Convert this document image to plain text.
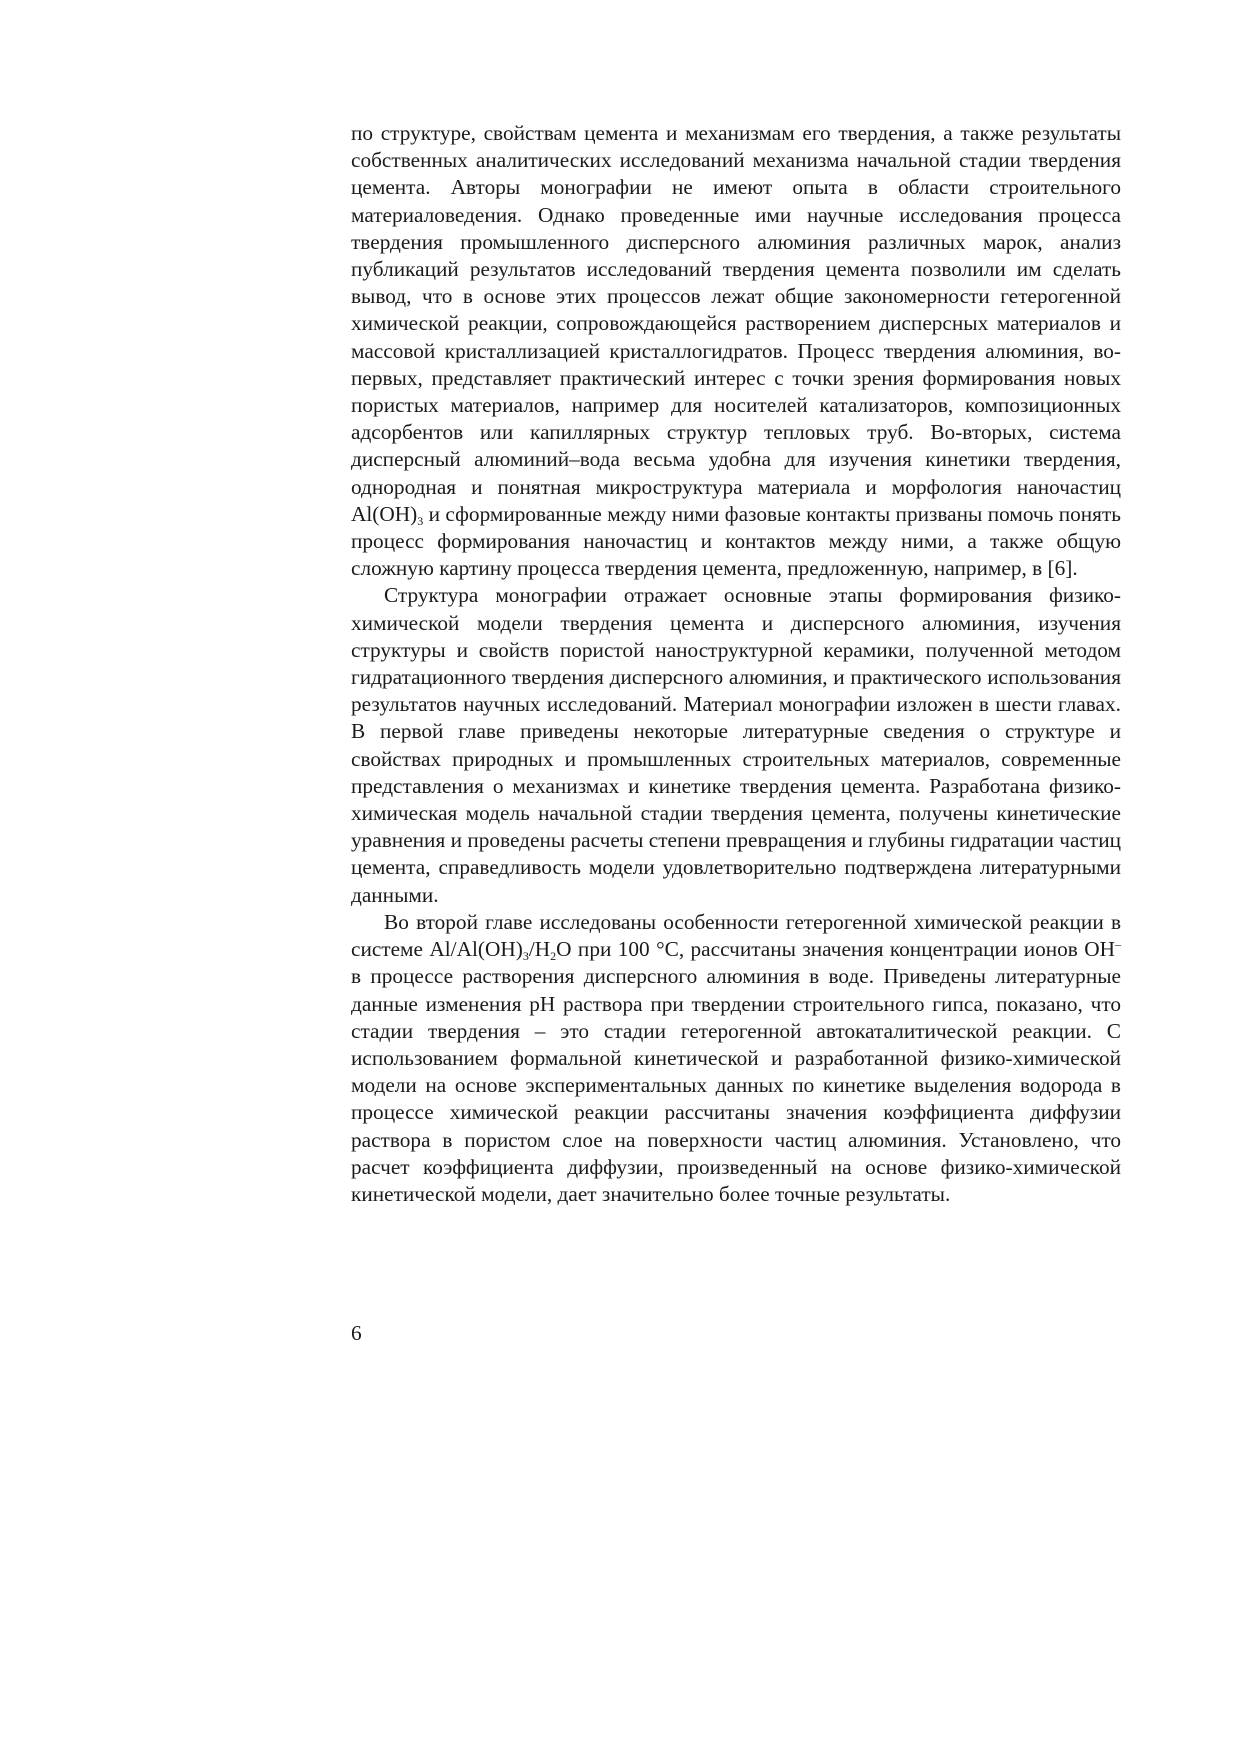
по структуре, свойствам цемента и механизмам его твердения, а также результаты собственных аналитических исследований механизма начальной стадии твердения цемента. Авторы монографии не имеют опыта в области строительного материаловедения. Однако проведенные ими научные исследования процесса твердения промышленного дисперсного алюминия различных марок, анализ публикаций результатов исследований твердения цемента позволили им сделать вывод, что в основе этих процессов лежат общие закономерности гетерогенной химической реакции, сопровождающейся растворением дисперсных материалов и массовой кристаллизацией кристаллогидратов. Процесс твердения алюминия, во-первых, представляет практический интерес с точки зрения формирования новых пористых материалов, например для носителей катализаторов, композиционных адсорбентов или капиллярных структур тепловых труб. Во-вторых, система дисперсный алюминий–вода весьма удобна для изучения кинетики твердения, однородная и понятная микроструктура материала и морфология наночастиц $Al(OH)_3$ и сформированные между ними фазовые контакты призваны помочь понять процесс формирования наночастиц и контактов между ними, а также общую сложную картину процесса твердения цемента, предложенную, например, в [6].

Структура монографии отражает основные этапы формирования физико-химической модели твердения цемента и дисперсного алюминия, изучения структуры и свойств пористой наноструктурной керамики, полученной методом гидратационного твердения дисперсного алюминия, и практического использования результатов научных исследований. Материал монографии изложен в шести главах. В первой главе приведены некоторые литературные сведения о структуре и свойствах природных и промышленных строительных материалов, современные представления о механизмах и кинетике твердения цемента. Разработана физико-химическая модель начальной стадии твердения цемента, получены кинетические уравнения и проведены расчеты степени превращения и глубины гидратации частиц цемента, справедливость модели удовлетворительно подтверждена литературными данными.

Во второй главе исследованы особенности гетерогенной химической реакции в системе $Al/Al(OH)_3/H_2O$ при 100 °C, рассчитаны значения концентрации ионов OH– в процессе растворения дисперсного алюминия в воде. Приведены литературные данные изменения pH раствора при твердении строительного гипса, показано, что стадии твердения – это стадии гетерогенной автокаталитической реакции. С использованием формальной кинетической и разработанной физико-химической модели на основе экспериментальных данных по кинетике выделения водорода в процессе химической реакции рассчитаны значения коэффициента диффузии раствора в пористом слое на поверхности частиц алюминия. Установлено, что расчет коэффициента диффузии, произведенный на основе физико-химической кинетической модели, дает значительно более точные результаты.

6
